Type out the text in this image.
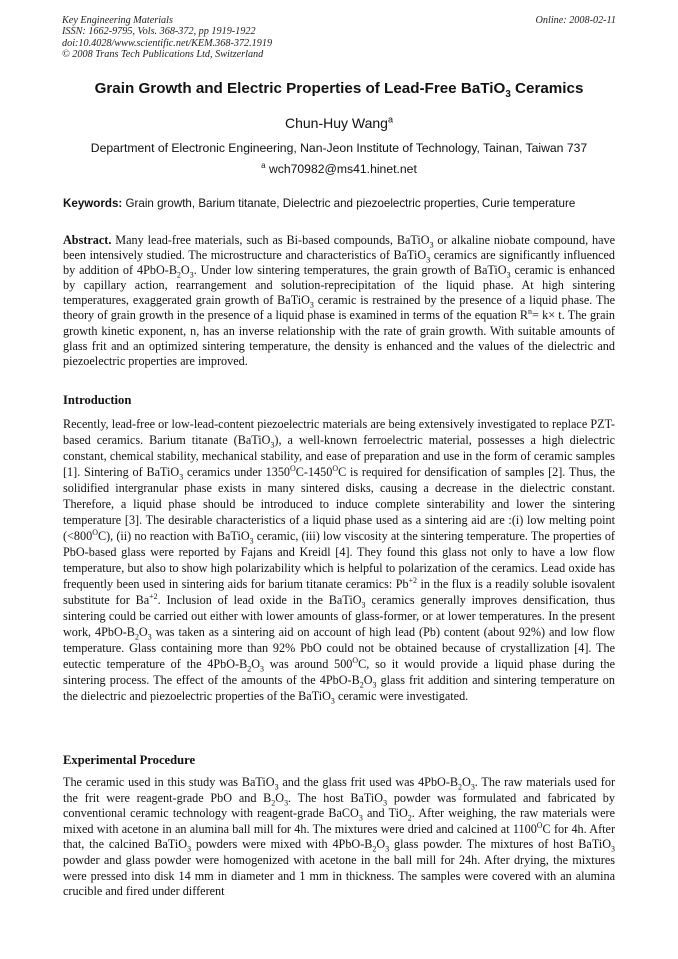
Key Engineering Materials
ISSN: 1662-9795, Vols. 368-372, pp 1919-1922
doi:10.4028/www.scientific.net/KEM.368-372.1919
© 2008 Trans Tech Publications Ltd, Switzerland
Online: 2008-02-11
Grain Growth and Electric Properties of Lead-Free BaTiO$_3$ Ceramics
Chun-Huy Wang$^a$
Department of Electronic Engineering, Nan-Jeon Institute of Technology, Tainan, Taiwan 737
$^a$ wch70982@ms41.hinet.net
Keywords: Grain growth, Barium titanate, Dielectric and piezoelectric properties, Curie temperature
Abstract. Many lead-free materials, such as Bi-based compounds, BaTiO$_3$ or alkaline niobate compound, have been intensively studied. The microstructure and characteristics of BaTiO$_3$ ceramics are significantly influenced by addition of $4PbO-B_2O_3$. Under low sintering temperatures, the grain growth of BaTiO$_3$ ceramic is enhanced by capillary action, rearrangement and solution-reprecipitation of the liquid phase. At high sintering temperatures, exaggerated grain growth of BaTiO$_3$ ceramic is restrained by the presence of a liquid phase. The theory of grain growth in the presence of a liquid phase is examined in terms of the equation $R^n= k\times t$. The grain growth kinetic exponent, n, has an inverse relationship with the rate of grain growth. With suitable amounts of glass frit and an optimized sintering temperature, the density is enhanced and the values of the dielectric and piezoelectric properties are improved.
Introduction
Recently, lead-free or low-lead-content piezoelectric materials are being extensively investigated to replace PZT-based ceramics. Barium titanate (BaTiO$_3$), a well-known ferroelectric material, possesses a high dielectric constant, chemical stability, mechanical stability, and ease of preparation and use in the form of ceramic samples [1]. Sintering of BaTiO$_3$ ceramics under $1350^OC-1450^OC$ is required for densification of samples [2]. Thus, the solidified intergranular phase exists in many sintered disks, causing a decrease in the dielectric constant. Therefore, a liquid phase should be introduced to induce complete sinterability and lower the sintering temperature [3]. The desirable characteristics of a liquid phase used as a sintering aid are :(i) low melting point $(<800^OC)$, (ii) no reaction with BaTiO$_3$ ceramic, (iii) low viscosity at the sintering temperature. The properties of PbO-based glass were reported by Fajans and Kreidl [4]. They found this glass not only to have a low flow temperature, but also to show high polarizability which is helpful to polarization of the ceramics. Lead oxide has frequently been used in sintering aids for barium titanate ceramics: $Pb^{+2}$ in the flux is a readily soluble isovalent substitute for $Ba^{+2}$. Inclusion of lead oxide in the BaTiO$_3$ ceramics generally improves densification, thus sintering could be carried out either with lower amounts of glass-former, or at lower temperatures. In the present work, $4PbO-B_2O_3$ was taken as a sintering aid on account of high lead (Pb) content (about 92%) and low flow temperature. Glass containing more than 92% PbO could not be obtained because of crystallization [4]. The eutectic temperature of the $4PbO-B_2O_3$ was around $500^OC$, so it would provide a liquid phase during the sintering process. The effect of the amounts of the $4PbO-B_2O_3$ glass frit addition and sintering temperature on the dielectric and piezoelectric properties of the BaTiO$_3$ ceramic were investigated.
Experimental Procedure
The ceramic used in this study was BaTiO$_3$ and the glass frit used was $4PbO-B_2O_3$. The raw materials used for the frit were reagent-grade PbO and $B_2O_3$. The host BaTiO$_3$ powder was formulated and fabricated by conventional ceramic technology with reagent-grade BaCO$_3$ and TiO$_2$. After weighing, the raw materials were mixed with acetone in an alumina ball mill for 4h. The mixtures were dried and calcined at $1100^OC$ for 4h. After that, the calcined BaTiO$_3$ powders were mixed with $4PbO-B_2O_3$ glass powder. The mixtures of host BaTiO$_3$ powder and glass powder were homogenized with acetone in the ball mill for 24h. After drying, the mixtures were pressed into disk 14 mm in diameter and 1 mm in thickness. The samples were covered with an alumina crucible and fired under different
